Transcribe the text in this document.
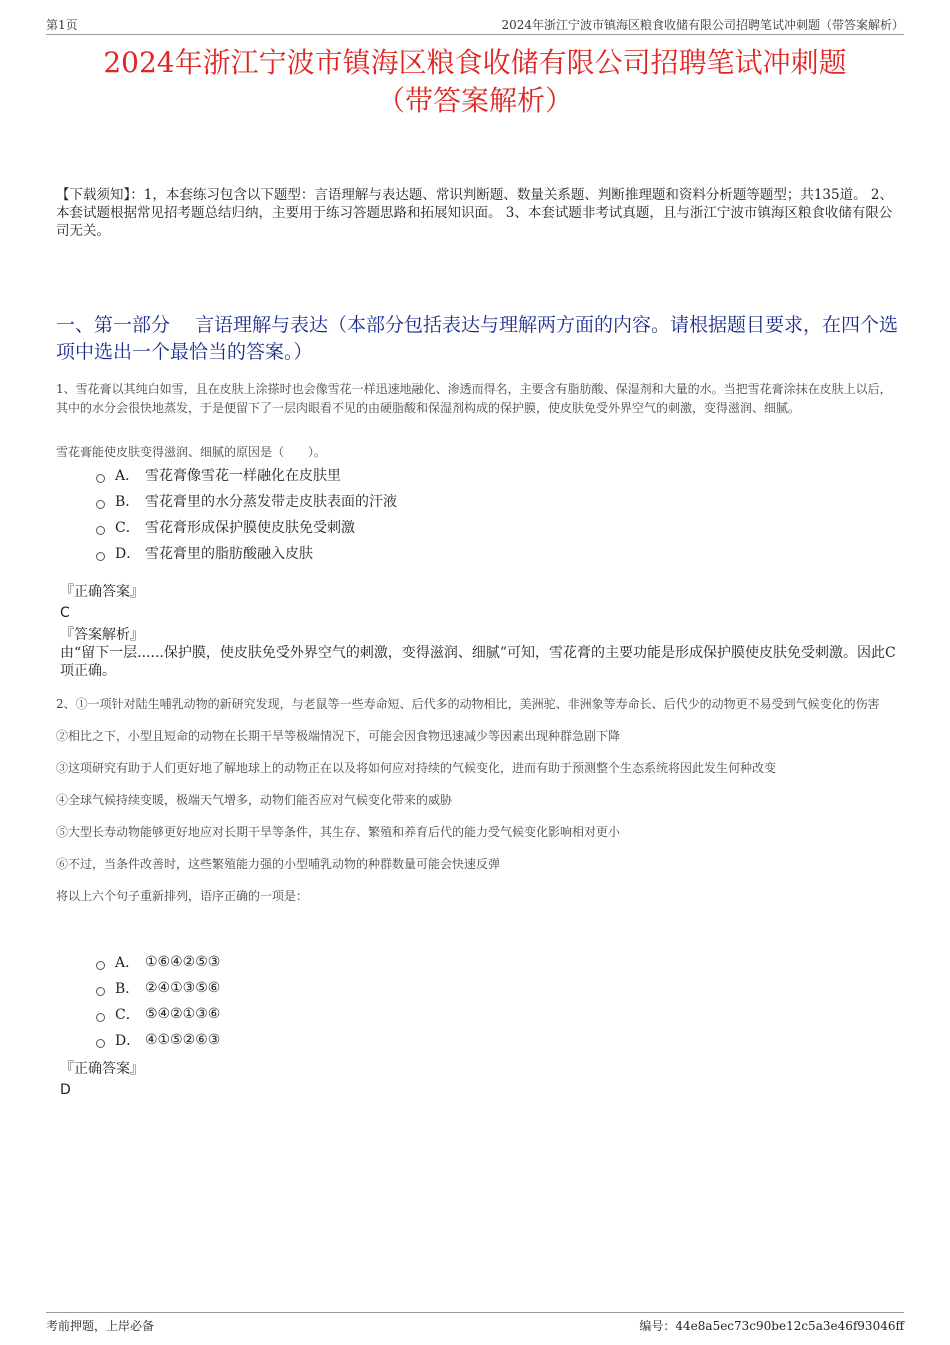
第1页	2024年浙江宁波市镇海区粮食收储有限公司招聘笔试冲刺题（带答案解析）
2024年浙江宁波市镇海区粮食收储有限公司招聘笔试冲刺题
（带答案解析）
【下载须知】：1，本套练习包含以下题型：言语理解与表达题、常识判断题、数量关系题、判断推理题和资料分析题等题型；共135道。 2、本套试题根据常见招考题总结归纳，主要用于练习答题思路和拓展知识面。 3、本套试题非考试真题，且与浙江宁波市镇海区粮食收储有限公司无关。
一、第一部分　 言语理解与表达（本部分包括表达与理解两方面的内容。请根据题目要求，在四个选项中选出一个最恰当的答案。）
1、雪花膏以其纯白如雪，且在皮肤上涂搽时也会像雪花一样迅速地融化、渗透而得名，主要含有脂肪酸、保湿剂和大量的水。当把雪花膏涂抹在皮肤上以后，其中的水分会很快地蒸发，于是便留下了一层肉眼看不见的由硬脂酸和保湿剂构成的保护膜，使皮肤免受外界空气的刺激，变得滋润、细腻。
雪花膏能使皮肤变得滋润、细腻的原因是（　　）。
A． 雪花膏像雪花一样融化在皮肤里
B． 雪花膏里的水分蒸发带走皮肤表面的汗液
C． 雪花膏形成保护膜使皮肤免受刺激
D． 雪花膏里的脂肪酸融入皮肤
『正确答案』
C
『答案解析』
由“留下一层......保护膜，使皮肤免受外界空气的刺激，变得滋润、细腻”可知，雪花膏的主要功能是形成保护膜使皮肤免受刺激。因此C项正确。
2、①一项针对陆生哺乳动物的新研究发现，与老鼠等一些寿命短、后代多的动物相比，美洲驼、非洲象等寿命长、后代少的动物更不易受到气候变化的伤害
②相比之下，小型且短命的动物在长期干旱等极端情况下，可能会因食物迅速减少等因素出现种群急剧下降
③这项研究有助于人们更好地了解地球上的动物正在以及将如何应对持续的气候变化，进而有助于预测整个生态系统将因此发生何种改变
④全球气候持续变暖，极端天气增多，动物们能否应对气候变化带来的威胁
⑤大型长寿动物能够更好地应对长期干旱等条件，其生存、繁殖和养育后代的能力受气候变化影响相对更小
⑥不过，当条件改善时，这些繁殖能力强的小型哺乳动物的种群数量可能会快速反弹
将以上六个句子重新排列，语序正确的一项是：
A． ①⑥④②⑤③
B． ②④①③⑤⑥
C． ⑤④②①③⑥
D． ④①⑤②⑥③
『正确答案』
D
考前押题，上岸必备	编号：44e8a5ec73c90be12c5a3e46f93046ff
